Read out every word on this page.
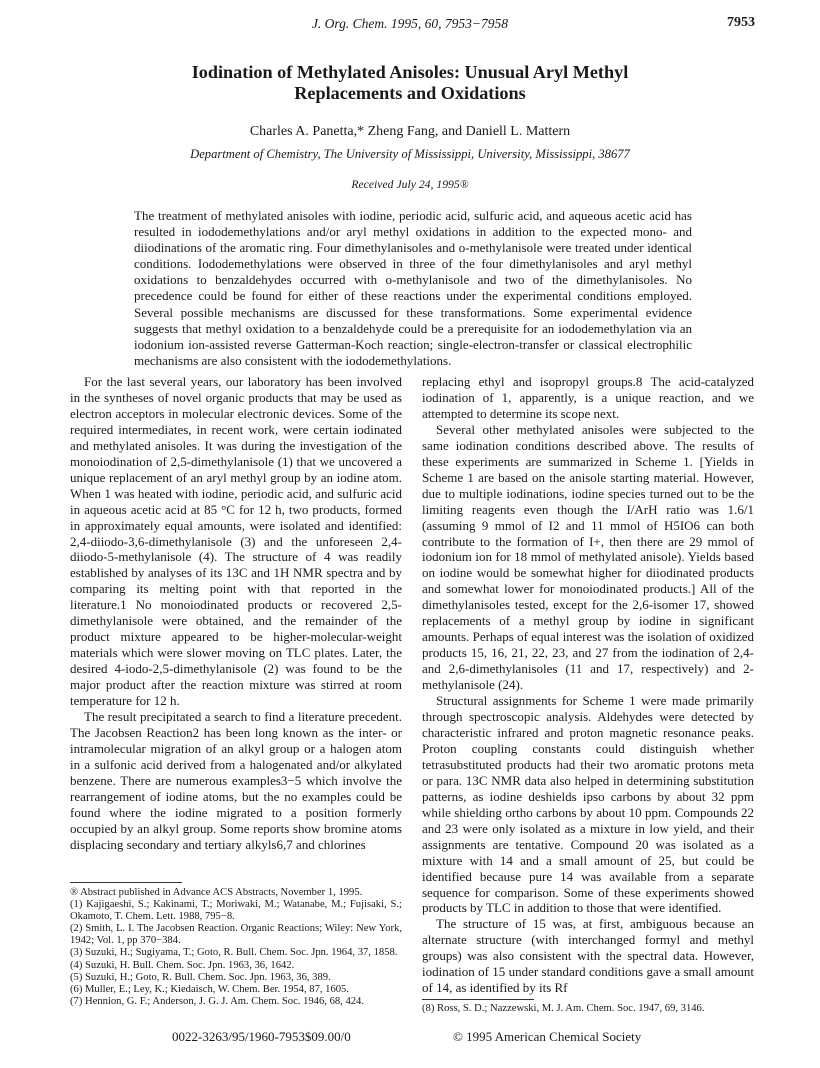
J. Org. Chem. 1995, 60, 7953−7958	7953
Iodination of Methylated Anisoles: Unusual Aryl Methyl
Replacements and Oxidations
Charles A. Panetta,* Zheng Fang, and Daniell L. Mattern
Department of Chemistry, The University of Mississippi, University, Mississippi, 38677
Received July 24, 1995®
The treatment of methylated anisoles with iodine, periodic acid, sulfuric acid, and aqueous acetic acid has resulted in iododemethylations and/or aryl methyl oxidations in addition to the expected mono- and diiodinations of the aromatic ring. Four dimethylanisoles and o-methylanisole were treated under identical conditions. Iododemethylations were observed in three of the four dimethylanisoles and aryl methyl oxidations to benzaldehydes occurred with o-methylanisole and two of the dimethylanisoles. No precedence could be found for either of these reactions under the experimental conditions employed. Several possible mechanisms are discussed for these transformations. Some experimental evidence suggests that methyl oxidation to a benzaldehyde could be a prerequisite for an iododemethylation via an iodonium ion-assisted reverse Gatterman-Koch reaction; single-electron-transfer or classical electrophilic mechanisms are also consistent with the iododemethylations.

For the last several years, our laboratory has been involved in the syntheses of novel organic products that may be used as electron acceptors in molecular electronic devices. Some of the required intermediates, in recent work, were certain iodinated and methylated anisoles. It was during the investigation of the monoiodination of 2,5-dimethylanisole (1) that we uncovered a unique replacement of an aryl methyl group by an iodine atom. When 1 was heated with iodine, periodic acid, and sulfuric acid in aqueous acetic acid at 85 °C for 12 h, two products, formed in approximately equal amounts, were isolated and identified: 2,4-diiodo-3,6-dimethylanisole (3) and the unforeseen 2,4-diiodo-5-methylanisole (4). The structure of 4 was readily established by analyses of its 13C and 1H NMR spectra and by comparing its melting point with that reported in the literature.1 No monoiodinated products or recovered 2,5-dimethylanisole were obtained, and the remainder of the product mixture appeared to be higher-molecular-weight materials which were slower moving on TLC plates. Later, the desired 4-iodo-2,5-dimethylanisole (2) was found to be the major product after the reaction mixture was stirred at room temperature for 12 h.

The result precipitated a search to find a literature precedent. The Jacobsen Reaction2 has been long known as the inter- or intramolecular migration of an alkyl group or a halogen atom in a sulfonic acid derived from a halogenated and/or alkylated benzene. There are numerous examples3−5 which involve the rearrangement of iodine atoms, but the no examples could be found where the iodine migrated to a position formerly occupied by an alkyl group. Some reports show bromine atoms displacing secondary and tertiary alkyls6,7 and chlorines

replacing ethyl and isopropyl groups.8 The acid-catalyzed iodination of 1, apparently, is a unique reaction, and we attempted to determine its scope next.

Several other methylated anisoles were subjected to the same iodination conditions described above. The results of these experiments are summarized in Scheme 1. [Yields in Scheme 1 are based on the anisole starting material. However, due to multiple iodinations, iodine species turned out to be the limiting reagents even though the I/ArH ratio was 1.6/1 (assuming 9 mmol of I2 and 11 mmol of H5IO6 can both contribute to the formation of I+, then there are 29 mmol of iodonium ion for 18 mmol of methylated anisole). Yields based on iodine would be somewhat higher for diiodinated products and somewhat lower for monoiodinated products.] All of the dimethylanisoles tested, except for the 2,6-isomer 17, showed replacements of a methyl group by iodine in significant amounts. Perhaps of equal interest was the isolation of oxidized products 15, 16, 21, 22, 23, and 27 from the iodination of 2,4- and 2,6-dimethylanisoles (11 and 17, respectively) and 2-methylanisole (24).

Structural assignments for Scheme 1 were made primarily through spectroscopic analysis. Aldehydes were detected by characteristic infrared and proton magnetic resonance peaks. Proton coupling constants could distinguish whether tetrasubstituted products had their two aromatic protons meta or para. 13C NMR data also helped in determining substitution patterns, as iodine deshields ipso carbons by about 32 ppm while shielding ortho carbons by about 10 ppm. Compounds 22 and 23 were only isolated as a mixture in low yield, and their assignments are tentative. Compound 20 was isolated as a mixture with 14 and a small amount of 25, but could be identified because pure 14 was available from a separate sequence for comparison. Some of these experiments showed products by TLC in addition to those that were identified.

The structure of 15 was, at first, ambiguous because an alternate structure (with interchanged formyl and methyl groups) was also consistent with the spectral data. However, iodination of 15 under standard conditions gave a small amount of 14, as identified by its Rf

® Abstract published in Advance ACS Abstracts, November 1, 1995.
(1) Kajigaeshi, S.; Kakinami, T.; Moriwaki, M.; Watanabe, M.; Fujisaki, S.; Okamoto, T. Chem. Lett. 1988, 795−8.
(2) Smith, L. I. The Jacobsen Reaction. Organic Reactions; Wiley: New York, 1942; Vol. 1, pp 370−384.
(3) Suzuki, H.; Sugiyama, T.; Goto, R. Bull. Chem. Soc. Jpn. 1964, 37, 1858.
(4) Suzuki, H. Bull. Chem. Soc. Jpn. 1963, 36, 1642.
(5) Suzuki, H.; Goto, R. Bull. Chem. Soc. Jpn. 1963, 36, 389.
(6) Muller, E.; Ley, K.; Kiedaisch, W. Chem. Ber. 1954, 87, 1605.
(7) Hennion, G. F.; Anderson, J. G. J. Am. Chem. Soc. 1946, 68, 424.
(8) Ross, S. D.; Nazzewski, M. J. Am. Chem. Soc. 1947, 69, 3146.
0022-3263/95/1960-7953$09.00/0	© 1995 American Chemical Society
